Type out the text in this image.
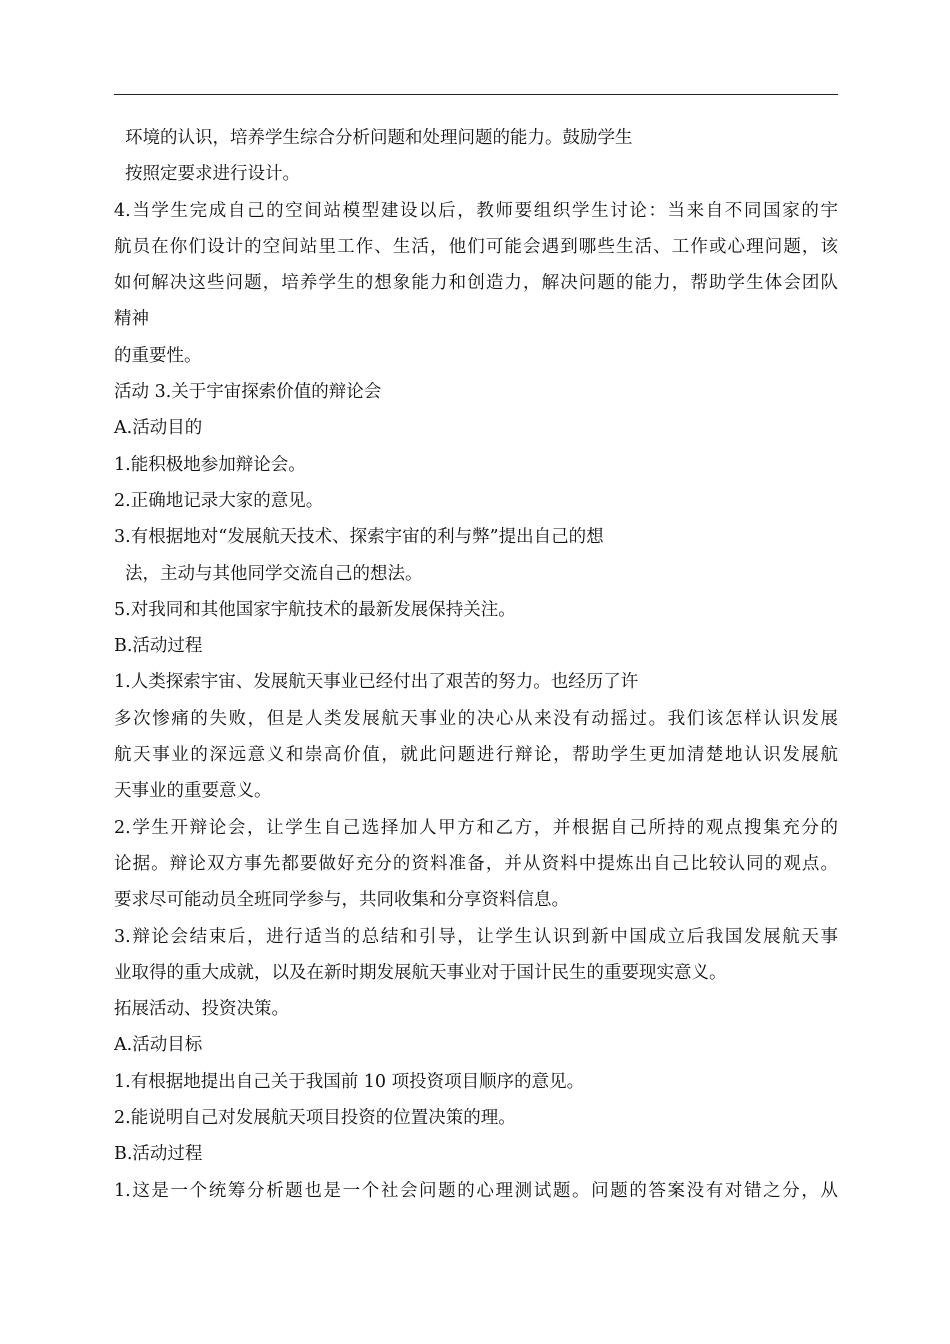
环境的认识，培养学生综合分析问题和处理问题的能力。鼓励学生
按照定要求进行设计。
4.当学生完成自己的空间站模型建设以后，教师要组织学生讨论：当来自不同国家的宇
航员在你们设计的空间站里工作、生活，他们可能会遇到哪些生活、工作或心理问题，该
如何解决这些问题，培养学生的想象能力和创造力，解决问题的能力，帮助学生体会团队
精神
的重要性。
活动 3.关于宇宙探索价值的辩论会
A.活动目的
1.能积极地参加辩论会。
2.正确地记录大家的意见。
3.有根据地对“发展航天技术、探索宇宙的利与弊”提出自己的想
法，主动与其他同学交流自己的想法。
5.对我同和其他国家宇航技术的最新发展保持关注。
B.活动过程
1.人类探索宇宙、发展航天事业已经付出了艰苦的努力。也经历了许
多次惨痛的失败，但是人类发展航天事业的决心从来没有动摇过。我们该怎样认识发展
航天事业的深远意义和崇高价值，就此问题进行辩论，帮助学生更加清楚地认识发展航
天事业的重要意义。
2.学生开辩论会，让学生自己选择加人甲方和乙方，并根据自己所持的观点搜集充分的
论据。辩论双方事先都要做好充分的资料准备，并从资料中提炼出自己比较认同的观点。
要求尽可能动员全班同学参与，共同收集和分享资料信息。
3.辩论会结束后，进行适当的总结和引导，让学生认识到新中国成立后我国发展航天事
业取得的重大成就，以及在新时期发展航天事业对于国计民生的重要现实意义。
拓展活动、投资决策。
A.活动目标
1.有根据地提出自己关于我国前 10 项投资项目顺序的意见。
2.能说明自己对发展航天项目投资的位置决策的理。
B.活动过程
1.这是一个统筹分析题也是一个社会问题的心理测试题。问题的答案没有对错之分，从
